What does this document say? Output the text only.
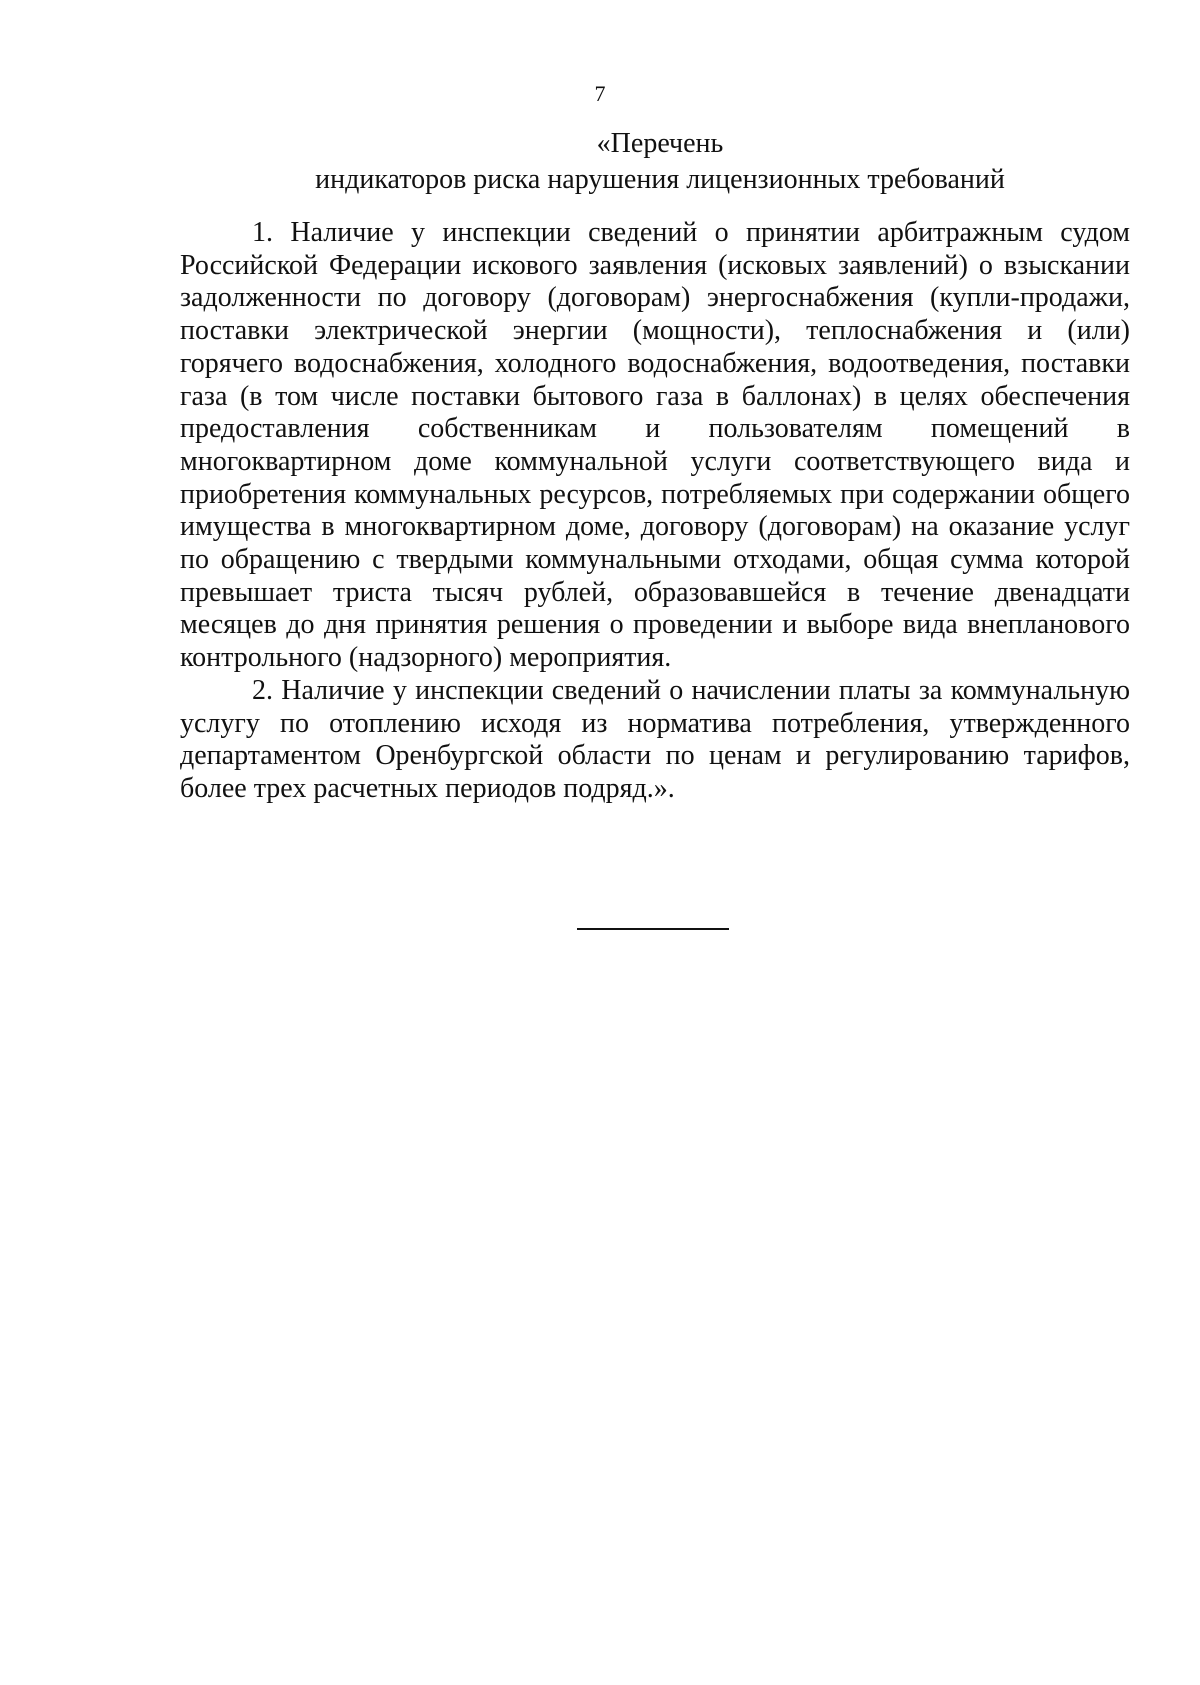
7
«Перечень
индикаторов риска нарушения лицензионных требований

1. Наличие у инспекции сведений о принятии арбитражным судом Российской Федерации искового заявления (исковых заявлений) о взыскании задолженности по договору (договорам) энергоснабжения (купли-продажи, поставки электрической энергии (мощности), теплоснабжения и (или) горячего водоснабжения, холодного водоснабжения, водоотведения, поставки газа (в том числе поставки бытового газа в баллонах) в целях обеспечения предоставления собственникам и пользователям помещений в многоквартирном доме коммунальной услуги соответствующего вида и приобретения коммунальных ресурсов, потребляемых при содержании общего имущества в многоквартирном доме, договору (договорам) на оказание услуг по обращению с твердыми коммунальными отходами, общая сумма которой превышает триста тысяч рублей, образовавшейся в течение двенадцати месяцев до дня принятия решения о проведении и выборе вида внепланового контрольного (надзорного) мероприятия.

2. Наличие у инспекции сведений о начислении платы за коммунальную услугу по отоплению исходя из норматива потребления, утвержденного департаментом Оренбургской области по ценам и регулированию тарифов, более трех расчетных периодов подряд.».
